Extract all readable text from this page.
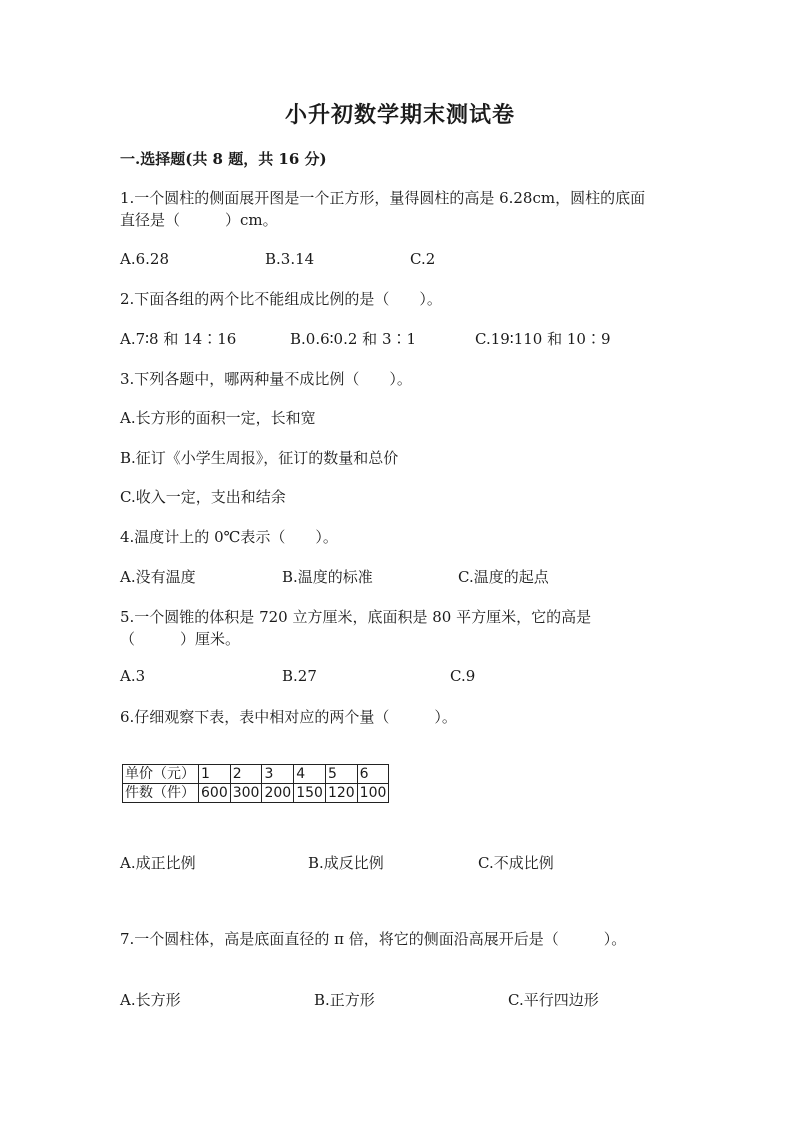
小升初数学期末测试卷
一.选择题(共 8 题，共 16 分)
1.一个圆柱的侧面展开图是一个正方形，量得圆柱的高是 6.28cm，圆柱的底面
直径是（　　　）cm。
A.6.28	B.3.14	C.2
2.下面各组的两个比不能组成比例的是（　　）。
A.7∶8 和 14∶16	B.0.6∶0.2 和 3∶1	C.19∶110 和 10∶9
3.下列各题中，哪两种量不成比例（　　）。
A.长方形的面积一定，长和宽
B.征订《小学生周报》，征订的数量和总价
C.收入一定，支出和结余
4.温度计上的 0℃表示（　　）。
A.没有温度	B.温度的标准	C.温度的起点
5.一个圆锥的体积是 720 立方厘米，底面积是 80 平方厘米，它的高是
（　　　）厘米。
A.3	B.27	C.9
6.仔细观察下表，表中相对应的两个量（　　　）。
单价（元）	1	2	3	4	5	6
件数（件）	600	300	200	150	120	100
A.成正比例	B.成反比例	C.不成比例
7.一个圆柱体，高是底面直径的 π 倍，将它的侧面沿高展开后是（　　　）。
A.长方形	B.正方形	C.平行四边形
